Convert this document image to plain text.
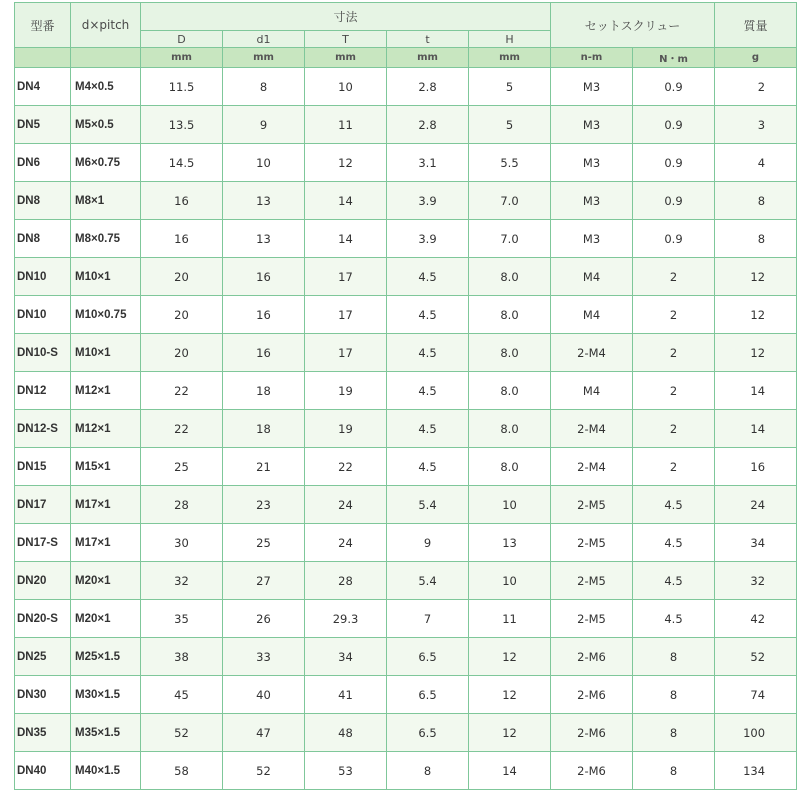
型番	d×pitch	寸法					セットスクリュー		質量
		D	d1	T	t	H			
		mm	mm	mm	mm	mm	n-m	N・m	g
DN4	M4×0.5	11.5	8	10	2.8	5	M3	0.9	2
DN5	M5×0.5	13.5	9	11	2.8	5	M3	0.9	3
DN6	M6×0.75	14.5	10	12	3.1	5.5	M3	0.9	4
DN8	M8×1	16	13	14	3.9	7.0	M3	0.9	8
DN8	M8×0.75	16	13	14	3.9	7.0	M3	0.9	8
DN10	M10×1	20	16	17	4.5	8.0	M4	2	12
DN10	M10×0.75	20	16	17	4.5	8.0	M4	2	12
DN10-S	M10×1	20	16	17	4.5	8.0	2-M4	2	12
DN12	M12×1	22	18	19	4.5	8.0	M4	2	14
DN12-S	M12×1	22	18	19	4.5	8.0	2-M4	2	14
DN15	M15×1	25	21	22	4.5	8.0	2-M4	2	16
DN17	M17×1	28	23	24	5.4	10	2-M5	4.5	24
DN17-S	M17×1	30	25	24	9	13	2-M5	4.5	34
DN20	M20×1	32	27	28	5.4	10	2-M5	4.5	32
DN20-S	M20×1	35	26	29.3	7	11	2-M5	4.5	42
DN25	M25×1.5	38	33	34	6.5	12	2-M6	8	52
DN30	M30×1.5	45	40	41	6.5	12	2-M6	8	74
DN35	M35×1.5	52	47	48	6.5	12	2-M6	8	100
DN40	M40×1.5	58	52	53	8	14	2-M6	8	134
